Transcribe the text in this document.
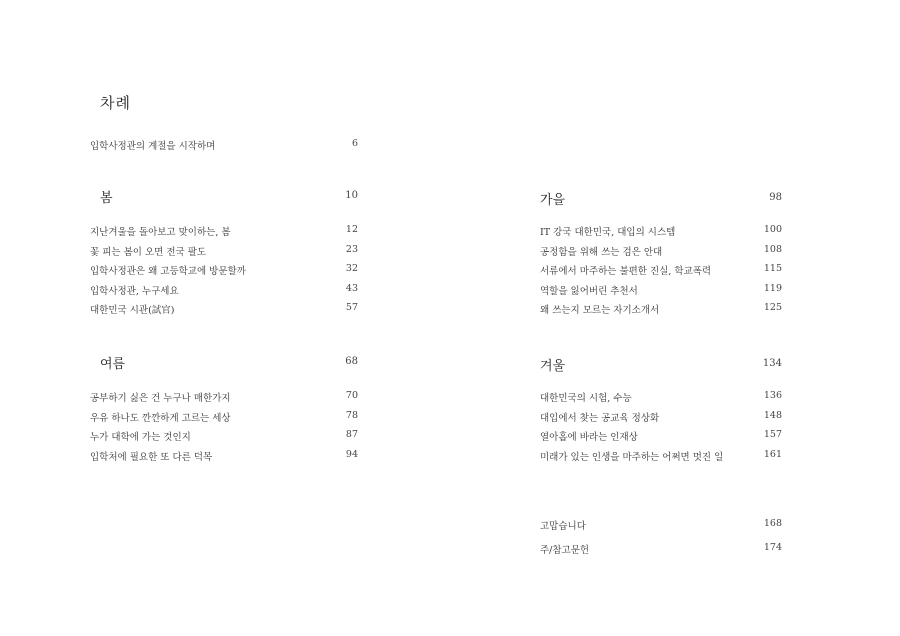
차례
입학사정관의 계절을 시작하며	6
봄	10
지난겨울을 돌아보고 맞이하는, 봄	12
꽃 피는 봄이 오면 전국 팔도	23
입학사정관은 왜 고등학교에 방문할까	32
입학사정관, 누구세요	43
대한민국 시관(試官)	57
여름	68
공부하기 싫은 건 누구나 매한가지	70
우유 하나도 깐깐하게 고르는 세상	78
누가 대학에 가는 것인지	87
입학처에 필요한 또 다른 덕목	94
가을	98
IT 강국 대한민국, 대입의 시스템	100
공정함을 위해 쓰는 검은 안대	108
서류에서 마주하는 불편한 진실, 학교폭력	115
역할을 잃어버린 추천서	119
왜 쓰는지 모르는 자기소개서	125
겨울	134
대한민국의 시험, 수능	136
대입에서 찾는 공교육 정상화	148
열아홉에 바라는 인재상	157
미래가 있는 인생을 마주하는 어쩌면 멋진 일	161
고맙습니다	168
주/참고문헌	174
